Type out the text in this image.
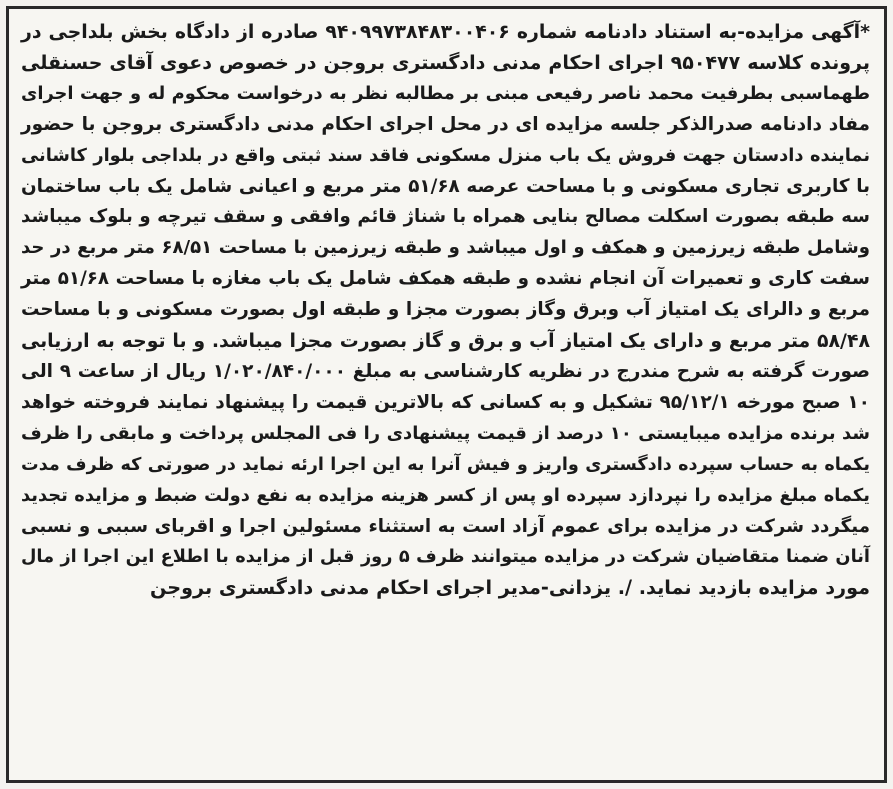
*آگهی مزایده-به استناد دادنامه شماره ۹۴۰۹۹۷۳۸۴۸۳۰۰۴۰۶ صادره از دادگاه بخش بلداجی در
پرونده کلاسه ۹۵۰۴۷۷ اجرای احکام مدنی دادگستری بروجن در خصوص دعوی آقای حسنقلی
طهماسبی بطرفیت محمد ناصر رفیعی مبنی بر مطالبه نظر به درخواست محکوم له و جهت اجرای
مفاد دادنامه صدرالذکر جلسه مزایده ای در محل اجرای احکام مدنی دادگستری بروجن با حضور
نماینده دادستان جهت فروش یک باب منزل مسکونی فاقد سند ثبتی واقع در بلداجی بلوار کاشانی
با کاربری تجاری مسکونی و با مساحت عرصه ۵۱/۶۸ متر مربع و اعیانی شامل یک باب ساختمان
سه طبقه بصورت اسکلت مصالح بنایی همراه با شناژ قائم وافقی و سقف تیرچه و بلوک میباشد
وشامل طبقه زیرزمین و همکف و اول میباشد و طبقه زیرزمین با مساحت ۶۸/۵۱ متر مربع در حد
سفت کاری و تعمیرات آن انجام نشده و طبقه همکف شامل یک باب مغازه با مساحت ۵۱/۶۸ متر
مربع و دالرای یک امتیاز آب وبرق وگاز بصورت مجزا و طبقه اول بصورت مسکونی و با مساحت
۵۸/۴۸ متر مربع و دارای یک امتیاز آب و برق و گاز بصورت مجزا میباشد. و با توجه به ارزیابی
صورت گرفته به شرح مندرج در نظریه کارشناسی به مبلغ ۱/۰۲۰/۸۴۰/۰۰۰ ریال از ساعت ۹ الی
۱۰ صبح مورخه ۹۵/۱۲/۱ تشکیل و به کسانی که بالاترین قیمت را پیشنهاد نمایند فروخته خواهد
شد برنده مزایده میبایستی ۱۰ درصد از قیمت پیشنهادی را فی المجلس پرداخت و مابقی را ظرف
یکماه به حساب سپرده دادگستری واریز و فیش آنرا به این اجرا ارئه نماید در صورتی که ظرف مدت
یکماه مبلغ مزایده را نپردازد سپرده او پس از کسر هزینه مزایده به نفع دولت ضبط و مزایده تجدید
میگردد شرکت در مزایده برای عموم آزاد است به استثناء مسئولین اجرا و اقربای سببی و نسبی
آنان ضمنا متقاضیان شرکت در مزایده میتوانند ظرف ۵ روز قبل از مزایده با اطلاع این اجرا از مال
مورد مزایده بازدید نماید. /. یزدانی-مدیر اجرای احکام مدنی دادگستری بروجن
